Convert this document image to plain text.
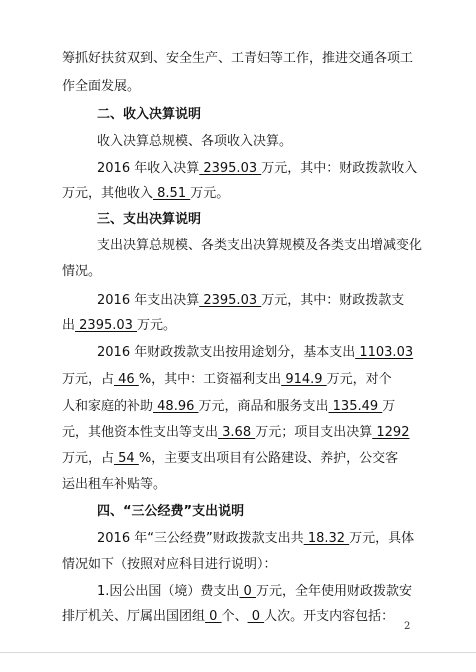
筹抓好扶贫双到、安全生产、工青妇等工作，推进交通各项工
作全面发展。
二、收入决算说明
收入决算总规模、各项收入决算。
2016 年收入决算 2395.03 万元，其中：财政拨款收入
万元，其他收入 8.51 万元。
三、支出决算说明
支出决算总规模、各类支出决算规模及各类支出增减变化
情况。
2016 年支出决算 2395.03 万元，其中：财政拨款支
出 2395.03 万元。
2016 年财政拨款支出按用途划分，基本支出 1103.03
万元，占 46 %，其中：工资福利支出 914.9 万元，对个
人和家庭的补助 48.96 万元，商品和服务支出 135.49 万
元，其他资本性支出等支出 3.68 万元；项目支出决算 1292
万元，占 54 %，主要支出项目有公路建设、养护，公交客
运出租车补贴等。
四、“三公经费”支出说明
2016 年“三公经费”财政拨款支出共 18.32 万元，具体
情况如下（按照对应科目进行说明）：
1.因公出国（境）费支出 0 万元，全年使用财政拨款安
排厅机关、厅属出国团组 0 个、 0 人次。开支内容包括：
2
